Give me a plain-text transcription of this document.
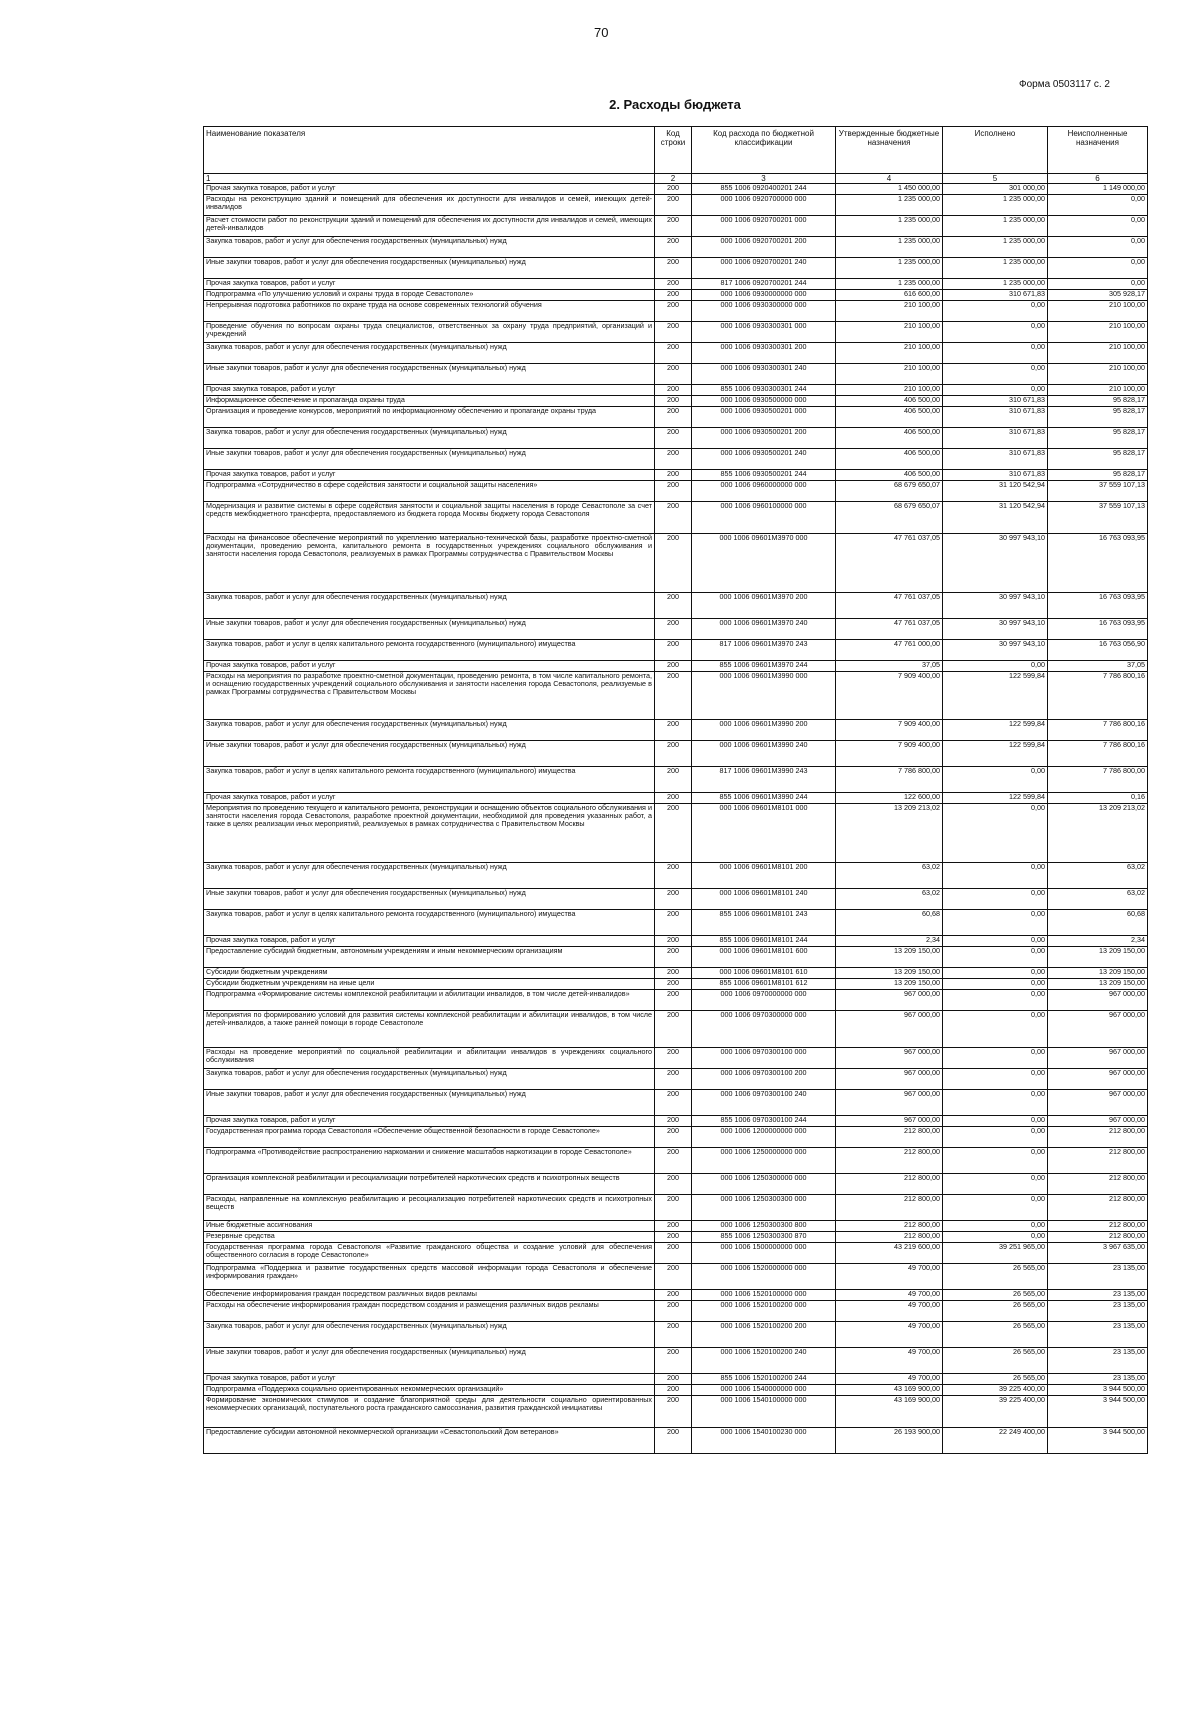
70
Форма 0503117 с. 2
2. Расходы бюджета
Наименование показателя	Код строки	Код расхода по бюджетной классификации	Утвержденные бюджетные назначения	Исполнено	Неисполненные назначения
1	2	3	4	5	6
Прочая закупка товаров, работ и услуг	200	855 1006 0920400201 244	1 450 000,00	301 000,00	1 149 000,00
Расходы на реконструкцию зданий и помещений для обеспечения их доступности для инвалидов и семей, имеющих детей-инвалидов	200	000 1006 0920700000 000	1 235 000,00	1 235 000,00	0,00
Расчет стоимости работ по реконструкции зданий и помещений для обеспечения их доступности для инвалидов и семей, имеющих детей-инвалидов	200	000 1006 0920700201 000	1 235 000,00	1 235 000,00	0,00
Закупка товаров, работ и услуг для обеспечения государственных (муниципальных) нужд	200	000 1006 0920700201 200	1 235 000,00	1 235 000,00	0,00
Иные закупки товаров, работ и услуг для обеспечения государственных (муниципальных) нужд	200	000 1006 0920700201 240	1 235 000,00	1 235 000,00	0,00
Прочая закупка товаров, работ и услуг	200	817 1006 0920700201 244	1 235 000,00	1 235 000,00	0,00
Подпрограмма «По улучшению условий и охраны труда в городе Севастополе»	200	000 1006 0930000000 000	616 600,00	310 671,83	305 928,17
Непрерывная подготовка работников по охране труда на основе современных технологий обучения	200	000 1006 0930300000 000	210 100,00	0,00	210 100,00
Проведение обучения по вопросам охраны труда специалистов, ответственных за охрану труда предприятий, организаций и учреждений	200	000 1006 0930300301 000	210 100,00	0,00	210 100,00
Закупка товаров, работ и услуг для обеспечения государственных (муниципальных) нужд	200	000 1006 0930300301 200	210 100,00	0,00	210 100,00
Иные закупки товаров, работ и услуг для обеспечения государственных (муниципальных) нужд	200	000 1006 0930300301 240	210 100,00	0,00	210 100,00
Прочая закупка товаров, работ и услуг	200	855 1006 0930300301 244	210 100,00	0,00	210 100,00
Информационное обеспечение и пропаганда охраны труда	200	000 1006 0930500000 000	406 500,00	310 671,83	95 828,17
Организация и проведение конкурсов, мероприятий по информационному обеспечению и пропаганде охраны труда	200	000 1006 0930500201 000	406 500,00	310 671,83	95 828,17
Закупка товаров, работ и услуг для обеспечения государственных (муниципальных) нужд	200	000 1006 0930500201 200	406 500,00	310 671,83	95 828,17
Иные закупки товаров, работ и услуг для обеспечения государственных (муниципальных) нужд	200	000 1006 0930500201 240	406 500,00	310 671,83	95 828,17
Прочая закупка товаров, работ и услуг	200	855 1006 0930500201 244	406 500,00	310 671,83	95 828,17
Подпрограмма «Сотрудничество в сфере содействия занятости и социальной защиты населения»	200	000 1006 0960000000 000	68 679 650,07	31 120 542,94	37 559 107,13
Модернизация и развитие системы в сфере содействия занятости и социальной защиты населения в городе Севастополе за счет средств межбюджетного трансферта, предоставляемого из бюджета города Москвы бюджету города Севастополя	200	000 1006 0960100000 000	68 679 650,07	31 120 542,94	37 559 107,13
Расходы на финансовое обеспечение мероприятий по укреплению материально-технической базы, разработке проектно-сметной документации, проведению ремонта, капитального ремонта в государственных учреждениях социального обслуживания и занятости населения города Севастополя, реализуемых в рамках Программы сотрудничества с Правительством Москвы	200	000 1006 09601M3970 000	47 761 037,05	30 997 943,10	16 763 093,95
Закупка товаров, работ и услуг для обеспечения государственных (муниципальных) нужд	200	000 1006 09601M3970 200	47 761 037,05	30 997 943,10	16 763 093,95
Иные закупки товаров, работ и услуг для обеспечения государственных (муниципальных) нужд	200	000 1006 09601M3970 240	47 761 037,05	30 997 943,10	16 763 093,95
Закупка товаров, работ и услуг в целях капитального ремонта государственного (муниципального) имущества	200	817 1006 09601M3970 243	47 761 000,00	30 997 943,10	16 763 056,90
Прочая закупка товаров, работ и услуг	200	855 1006 09601M3970 244	37,05	0,00	37,05
Расходы на мероприятия по разработке проектно-сметной документации, проведению ремонта, в том числе капитального ремонта, и оснащению государственных учреждений социального обслуживания и занятости населения города Севастополя, реализуемые в рамках Программы сотрудничества с Правительством Москвы	200	000 1006 09601M3990 000	7 909 400,00	122 599,84	7 786 800,16
Закупка товаров, работ и услуг для обеспечения государственных (муниципальных) нужд	200	000 1006 09601M3990 200	7 909 400,00	122 599,84	7 786 800,16
Иные закупки товаров, работ и услуг для обеспечения государственных (муниципальных) нужд	200	000 1006 09601M3990 240	7 909 400,00	122 599,84	7 786 800,16
Закупка товаров, работ и услуг в целях капитального ремонта государственного (муниципального) имущества	200	817 1006 09601M3990 243	7 786 800,00	0,00	7 786 800,00
Прочая закупка товаров, работ и услуг	200	855 1006 09601M3990 244	122 600,00	122 599,84	0,16
Мероприятия по проведению текущего и капитального ремонта, реконструкции и оснащению объектов социального обслуживания и занятости населения города Севастополя, разработке проектной документации, необходимой для проведения указанных работ, а также в целях реализации иных мероприятий, реализуемых в рамках сотрудничества с Правительством Москвы	200	000 1006 09601M8101 000	13 209 213,02	0,00	13 209 213,02
Закупка товаров, работ и услуг для обеспечения государственных (муниципальных) нужд	200	000 1006 09601M8101 200	63,02	0,00	63,02
Иные закупки товаров, работ и услуг для обеспечения государственных (муниципальных) нужд	200	000 1006 09601M8101 240	63,02	0,00	63,02
Закупка товаров, работ и услуг в целях капитального ремонта государственного (муниципального) имущества	200	855 1006 09601M8101 243	60,68	0,00	60,68
Прочая закупка товаров, работ и услуг	200	855 1006 09601M8101 244	2,34	0,00	2,34
Предоставление субсидий бюджетным, автономным учреждениям и иным некоммерческим организациям	200	000 1006 09601M8101 600	13 209 150,00	0,00	13 209 150,00
Субсидии бюджетным учреждениям	200	000 1006 09601M8101 610	13 209 150,00	0,00	13 209 150,00
Субсидии бюджетным учреждениям на иные цели	200	855 1006 09601M8101 612	13 209 150,00	0,00	13 209 150,00
Подпрограмма «Формирование системы комплексной реабилитации и абилитации инвалидов, в том числе детей-инвалидов»	200	000 1006 0970000000 000	967 000,00	0,00	967 000,00
Мероприятия по формированию условий для развития системы комплексной реабилитации и абилитации инвалидов, в том числе детей-инвалидов, а также ранней помощи в городе Севастополе	200	000 1006 0970300000 000	967 000,00	0,00	967 000,00
Расходы на проведение мероприятий по социальной реабилитации и абилитации инвалидов в учреждениях социального обслуживания	200	000 1006 0970300100 000	967 000,00	0,00	967 000,00
Закупка товаров, работ и услуг для обеспечения государственных (муниципальных) нужд	200	000 1006 0970300100 200	967 000,00	0,00	967 000,00
Иные закупки товаров, работ и услуг для обеспечения государственных (муниципальных) нужд	200	000 1006 0970300100 240	967 000,00	0,00	967 000,00
Прочая закупка товаров, работ и услуг	200	855 1006 0970300100 244	967 000,00	0,00	967 000,00
Государственная программа города Севастополя «Обеспечение общественной безопасности в городе Севастополе»	200	000 1006 1200000000 000	212 800,00	0,00	212 800,00
Подпрограмма «Противодействие распространению наркомании и снижение масштабов наркотизации в городе Севастополе»	200	000 1006 1250000000 000	212 800,00	0,00	212 800,00
Организация комплексной реабилитации и ресоциализации потребителей наркотических средств и психотропных веществ	200	000 1006 1250300000 000	212 800,00	0,00	212 800,00
Расходы, направленные на комплексную реабилитацию и ресоциализацию потребителей наркотических средств и психотропных веществ	200	000 1006 1250300300 000	212 800,00	0,00	212 800,00
Иные бюджетные ассигнования	200	000 1006 1250300300 800	212 800,00	0,00	212 800,00
Резервные средства	200	855 1006 1250300300 870	212 800,00	0,00	212 800,00
Государственная программа города Севастополя «Развитие гражданского общества и создание условий для обеспечения общественного согласия в городе Севастополе»	200	000 1006 1500000000 000	43 219 600,00	39 251 965,00	3 967 635,00
Подпрограмма «Поддержка и развитие государственных средств массовой информации города Севастополя и обеспечение информирования граждан»	200	000 1006 1520000000 000	49 700,00	26 565,00	23 135,00
Обеспечение информирования граждан посредством различных видов рекламы	200	000 1006 1520100000 000	49 700,00	26 565,00	23 135,00
Расходы на обеспечение информирования граждан посредством создания и размещения различных видов рекламы	200	000 1006 1520100200 000	49 700,00	26 565,00	23 135,00
Закупка товаров, работ и услуг для обеспечения государственных (муниципальных) нужд	200	000 1006 1520100200 200	49 700,00	26 565,00	23 135,00
Иные закупки товаров, работ и услуг для обеспечения государственных (муниципальных) нужд	200	000 1006 1520100200 240	49 700,00	26 565,00	23 135,00
Прочая закупка товаров, работ и услуг	200	855 1006 1520100200 244	49 700,00	26 565,00	23 135,00
Подпрограмма «Поддержка социально ориентированных некоммерческих организаций»	200	000 1006 1540000000 000	43 169 900,00	39 225 400,00	3 944 500,00
Формирование экономических стимулов и создание благоприятной среды для деятельности социально ориентированных некоммерческих организаций, поступательного роста гражданского самосознания, развития гражданской инициативы	200	000 1006 1540100000 000	43 169 900,00	39 225 400,00	3 944 500,00
Предоставление субсидии автономной некоммерческой организации «Севастопольский Дом ветеранов»	200	000 1006 1540100230 000	26 193 900,00	22 249 400,00	3 944 500,00
